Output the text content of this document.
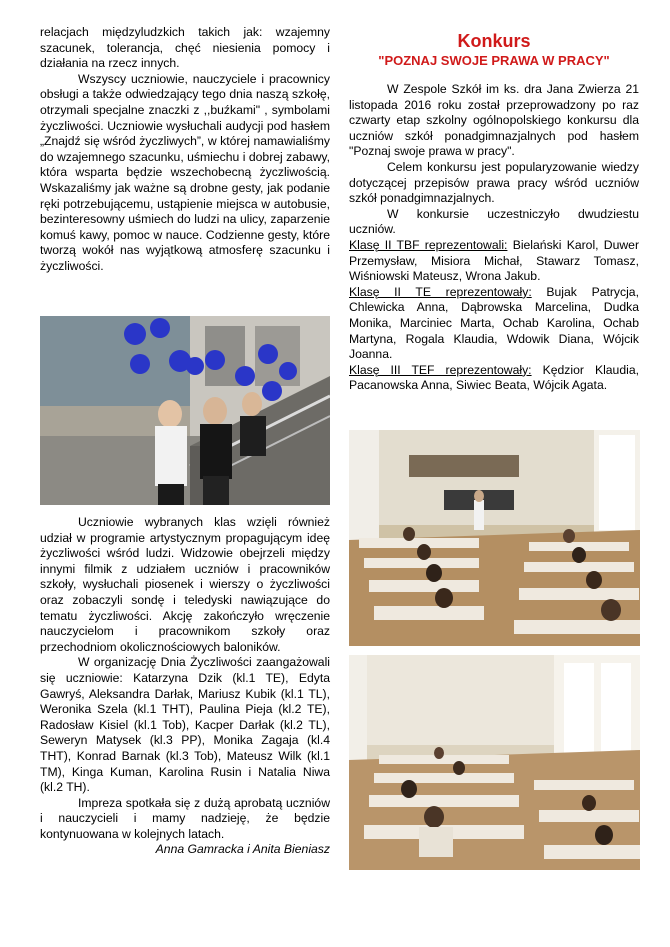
relacjach międzyludzkich takich jak: wzajemny szacunek, tolerancja, chęć niesienia pomocy i działania na rzecz innych.

Wszyscy uczniowie, nauczyciele i pracownicy obsługi a także odwiedzający tego dnia naszą szkołę, otrzymali specjalne znaczki z ,,buźkami" , symbolami życzliwości. Uczniowie wysłuchali audycji pod hasłem „Znajdź się wśród życzliwych”, w której namawialiśmy do wzajemnego szacunku, uśmiechu i dobrej zabawy, która wsparta będzie wszechobecną życzliwością. Wskazaliśmy jak ważne są drobne gesty, jak podanie ręki potrzebującemu, ustąpienie miejsca w autobusie, bezinteresowny uśmiech do ludzi na ulicy, zaparzenie komuś kawy, pomoc w nauce. Codzienne gesty, które tworzą wokół nas wyjątkową atmosferę szacunku i życzliwości.

Uczniowie wybranych klas wzięli również udział w programie artystycznym propagującym ideę życzliwości wśród ludzi. Widzowie obejrzeli między innymi filmik z udziałem uczniów i pracowników szkoły, wysłuchali piosenek i wierszy o życzliwości oraz zobaczyli sondę i teledyski nawiązujące do tematu życzliwości. Akcję zakończyło wręczenie nauczycielom i pracownikom szkoły oraz przechodniom okolicznościowych baloników.

W organizację Dnia Życzliwości zaangażowali się uczniowie: Katarzyna Dzik (kl.1 TE), Edyta Gawryś, Aleksandra Darłak, Mariusz Kubik (kl.1 TL), Weronika Szela (kl.1 THT), Paulina Pieja (kl.2 TE), Radosław Kisiel (kl.1 Tob), Kacper Darłak (kl.2 TL), Seweryn Matysek (kl.3 PP), Monika Zagaja (kl.4 THT), Konrad Barnak (kl.3 Tob), Mateusz Wilk (kl.1 TM), Kinga Kuman, Karolina Rusin i Natalia Niwa (kl.2 TH).

Impreza spotkała się z dużą aprobatą uczniów i nauczycieli i mamy nadzieję, że będzie kontynuowana w kolejnych latach.

Anna Gamracka i Anita Bieniasz

Konkurs
"POZNAJ SWOJE PRAWA W PRACY"

W Zespole Szkół im ks. dra Jana Zwierza 21 listopada 2016 roku został przeprowadzony po raz czwarty etap szkolny ogólnopolskiego konkursu dla uczniów szkół ponadgimnazjalnych pod hasłem "Poznaj swoje prawa w pracy".

Celem konkursu jest popularyzowanie wiedzy dotyczącej przepisów prawa pracy wśród uczniów szkół ponadgimnazjalnych.

W konkursie uczestniczyło dwudziestu uczniów.

Klasę II TBF reprezentowali: Bielański Karol, Duwer Przemysław, Misiora Michał, Stawarz Tomasz, Wiśniowski Mateusz, Wrona Jakub.

Klasę II TE reprezentowały: Bujak Patrycja, Chlewicka Anna, Dąbrowska Marcelina, Dudka Monika, Marciniec Marta, Ochab Karolina, Ochab Martyna, Rogala Klaudia, Wdowik Diana, Wójcik Joanna.

Klasę III TEF reprezentowały: Kędzior Klaudia, Pacanowska Anna, Siwiec Beata, Wójcik Agata.
